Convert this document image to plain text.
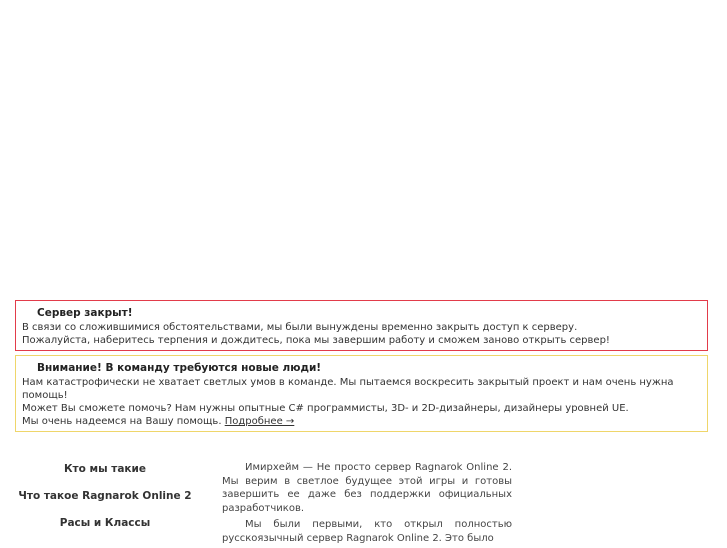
Сервер закрыт!
В связи со сложившимися обстоятельствами, мы были вынуждены временно закрыть доступ к серверу.
Пожалуйста, наберитесь терпения и дождитесь, пока мы завершим работу и сможем заново открыть сервер!
Внимание! В команду требуются новые люди!
Нам катастрофически не хватает светлых умов в команде. Мы пытаемся воскресить закрытый проект и нам очень нужна
помощь!
Может Вы сможете помочь? Нам нужны опытные C# программисты, 3D- и 2D-дизайнеры, дизайнеры уровней UE.
Мы очень надеемся на Вашу помощь. Подробнее →
Кто мы такие
Что такое Ragnarok Online 2
Расы и Классы

Имирхейм — Не просто сервер Ragnarok Online 2. Мы верим в светлое будущее этой игры и готовы завершить ее даже без поддержки официальных разработчиков.

Мы были первыми, кто открыл полностью русскоязычный сервер Ragnarok Online 2. Это было
